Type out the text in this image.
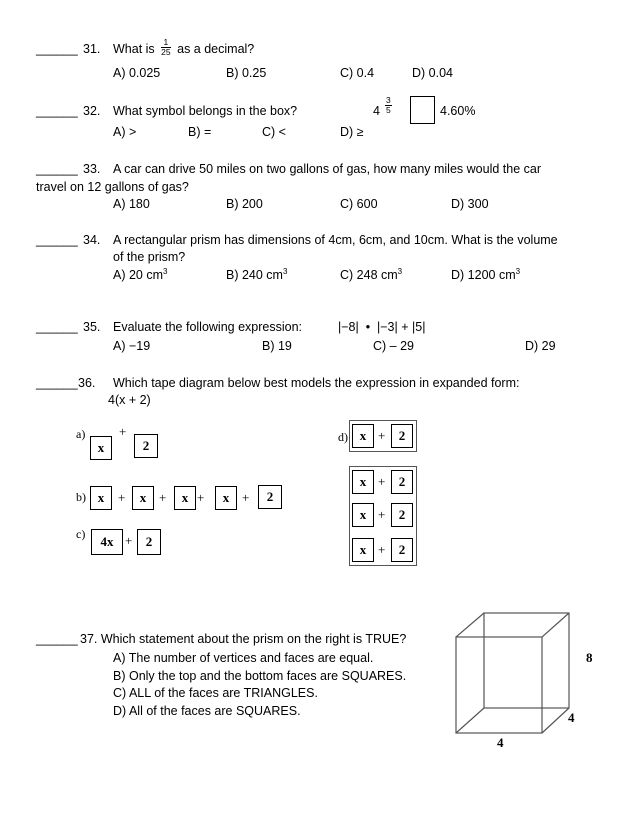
______ 31. What is $\frac{1}{25}$ as a decimal?
A) 0.025	B) 0.25	C) 0.4	D) 0.04
______ 32. What symbol belongs in the box?	$4 \frac{3}{5}$	4.60%
A) >	B) =	C) <	D) ≥
______ 33. A car can drive 50 miles on two gallons of gas, how many miles would the car
travel on 12 gallons of gas?
A) 180	B) 200	C) 600	D) 300
______ 34. A rectangular prism has dimensions of 4cm, 6cm, and 10cm. What is the volume
of the prism?
A) 20 $cm^3$	B) 240 $cm^3$	C) 248 $cm^3$	D) 1200 $cm^3$
______ 35. Evaluate the following expression:	|−8|  •  |−3| + |5|
A) −19	B) 19	C) – 29	D) 29
______ 36. Which tape diagram below best models the expression in expanded form:
4(x + 2)
a)
x
+
2
b) x	+	x +	x +	x +	2
c)	4x +	2
d) x +	2
x +	2
x +	2
x +	2
______ 37. Which statement about the prism on the right is TRUE?
A) The number of vertices and faces are equal.
B) Only the top and the bottom faces are SQUARES.
C) ALL of the faces are TRIANGLES.
D) All of the faces are SQUARES.
8
4
4
